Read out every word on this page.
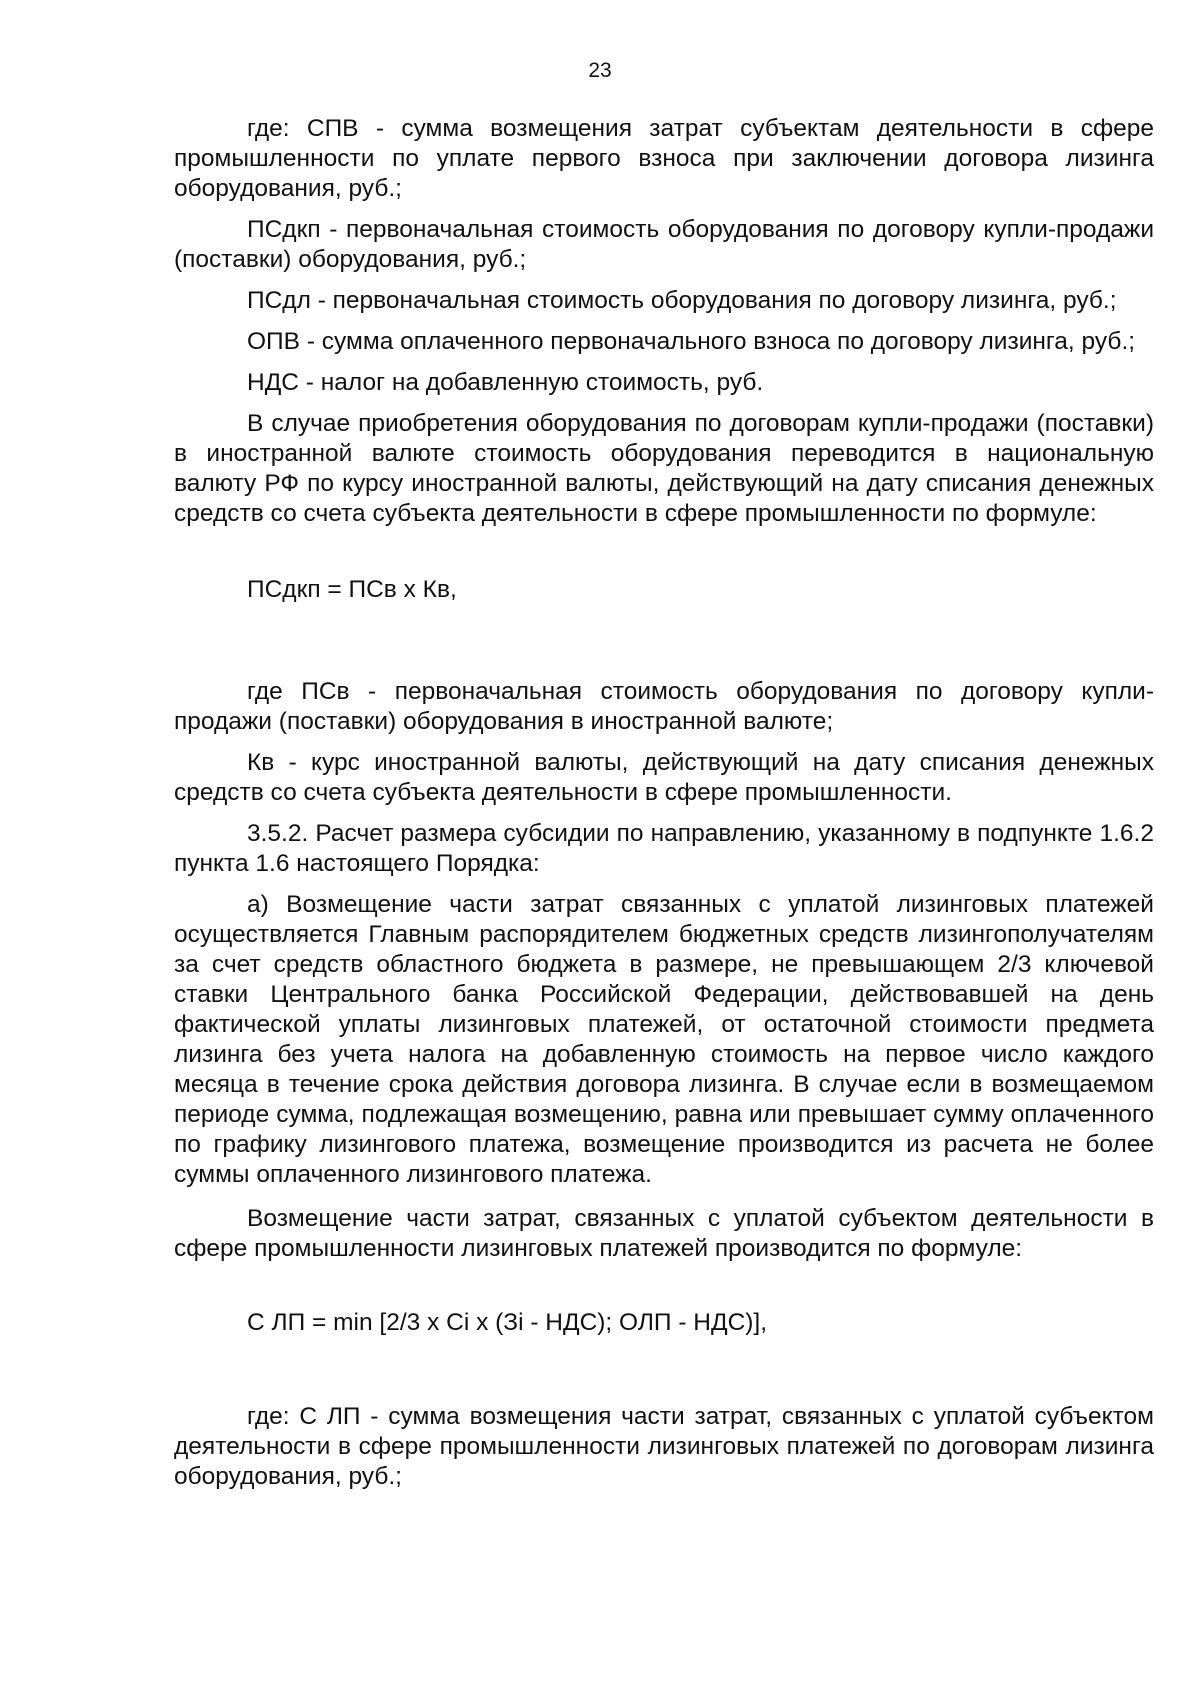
23

где: СПВ - сумма возмещения затрат субъектам деятельности в сфере промышленности по уплате первого взноса при заключении договора лизинга оборудования, руб.;

ПСдкп - первоначальная стоимость оборудования по договору купли-продажи (поставки) оборудования, руб.;

ПСдл - первоначальная стоимость оборудования по договору лизинга, руб.;

ОПВ - сумма оплаченного первоначального взноса по договору лизинга, руб.;

НДС - налог на добавленную стоимость, руб.

В случае приобретения оборудования по договорам купли-продажи (поставки) в иностранной валюте стоимость оборудования переводится в национальную валюту РФ по курсу иностранной валюты, действующий на дату списания денежных средств со счета субъекта деятельности в сфере промышленности по формуле:

ПСдкп = ПСв х Кв,

где ПСв - первоначальная стоимость оборудования по договору купли-продажи (поставки) оборудования в иностранной валюте;

Кв - курс иностранной валюты, действующий на дату списания денежных средств со счета субъекта деятельности в сфере промышленности.

3.5.2. Расчет размера субсидии по направлению, указанному в подпункте 1.6.2 пункта 1.6 настоящего Порядка:

а) Возмещение части затрат связанных с уплатой лизинговых платежей осуществляется Главным распорядителем бюджетных средств лизингополучателям за счет средств областного бюджета в размере, не превышающем 2/3 ключевой ставки Центрального банка Российской Федерации, действовавшей на день фактической уплаты лизинговых платежей, от остаточной стоимости предмета лизинга без учета налога на добавленную стоимость на первое число каждого месяца в течение срока действия договора лизинга. В случае если в возмещаемом периоде сумма, подлежащая возмещению, равна или превышает сумму оплаченного по графику лизингового платежа, возмещение производится из расчета не более суммы оплаченного лизингового платежа.

Возмещение части затрат, связанных с уплатой субъектом деятельности в сфере промышленности лизинговых платежей производится по формуле:

С ЛП = min [2/3 х Сi х (Зi - НДС); ОЛП - НДС)],

где: С ЛП - сумма возмещения части затрат, связанных с уплатой субъектом деятельности в сфере промышленности лизинговых платежей по договорам лизинга оборудования, руб.;
